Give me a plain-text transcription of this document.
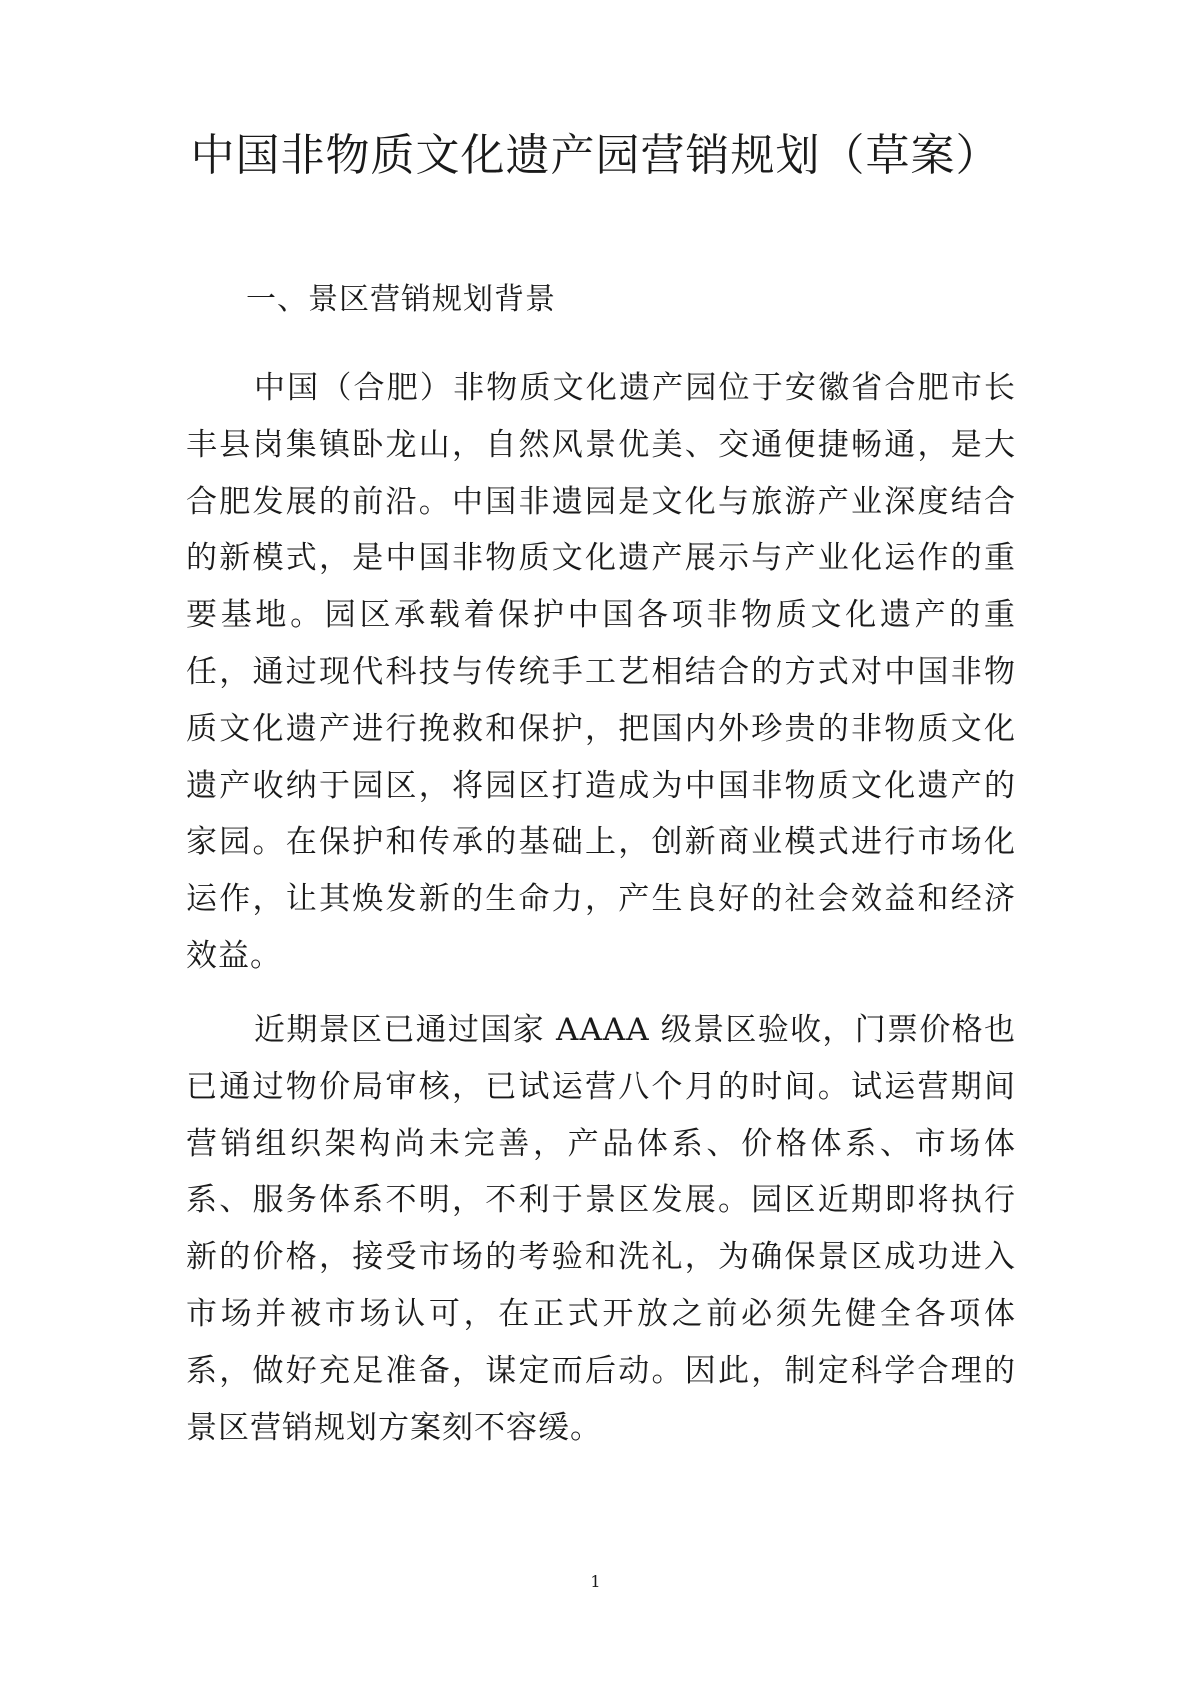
中国非物质文化遗产园营销规划（草案）
一、景区营销规划背景

中国（合肥）非物质文化遗产园位于安徽省合肥市长丰县岗集镇卧龙山，自然风景优美、交通便捷畅通，是大合肥发展的前沿。中国非遗园是文化与旅游产业深度结合的新模式，是中国非物质文化遗产展示与产业化运作的重要基地。园区承载着保护中国各项非物质文化遗产的重任，通过现代科技与传统手工艺相结合的方式对中国非物质文化遗产进行挽救和保护，把国内外珍贵的非物质文化遗产收纳于园区，将园区打造成为中国非物质文化遗产的家园。在保护和传承的基础上，创新商业模式进行市场化运作，让其焕发新的生命力，产生良好的社会效益和经济效益。

近期景区已通过国家 AAAA 级景区验收，门票价格也已通过物价局审核，已试运营八个月的时间。试运营期间营销组织架构尚未完善，产品体系、价格体系、市场体系、服务体系不明，不利于景区发展。园区近期即将执行新的价格，接受市场的考验和洗礼，为确保景区成功进入市场并被市场认可，在正式开放之前必须先健全各项体系，做好充足准备，谋定而后动。因此，制定科学合理的景区营销规划方案刻不容缓。

1
